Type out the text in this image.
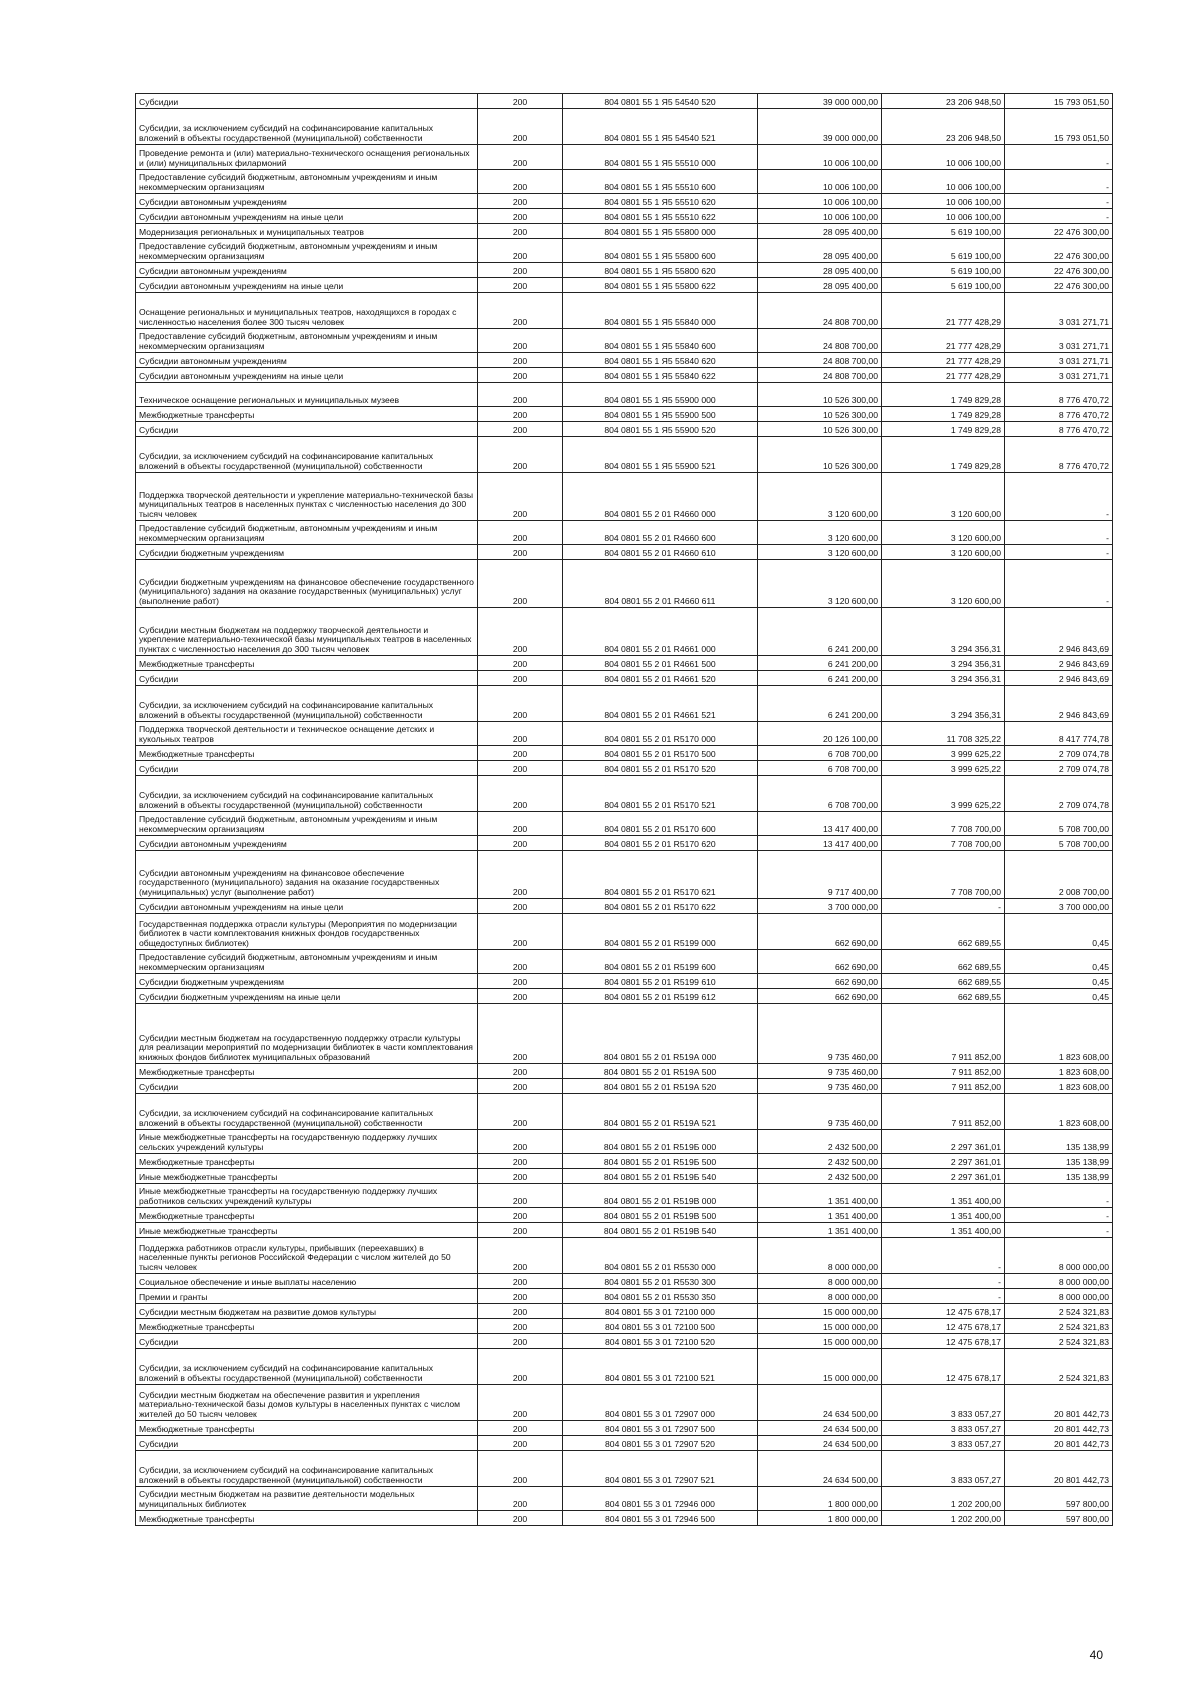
Субсидии	200	804 0801 55 1 Я5 54540 520	39 000 000,00	23 206 948,50	15 793 051,50
Субсидии, за исключением субсидий на софинансирование капитальных вложений в объекты государственной (муниципальной) собственности	200	804 0801 55 1 Я5 54540 521	39 000 000,00	23 206 948,50	15 793 051,50
Проведение ремонта и (или) материально-технического оснащения региональных и (или) муниципальных филармоний	200	804 0801 55 1 Я5 55510 000	10 006 100,00	10 006 100,00	-
Предоставление субсидий бюджетным, автономным учреждениям и иным некоммерческим организациям	200	804 0801 55 1 Я5 55510 600	10 006 100,00	10 006 100,00	-
Субсидии автономным учреждениям	200	804 0801 55 1 Я5 55510 620	10 006 100,00	10 006 100,00	-
Субсидии автономным учреждениям на иные цели	200	804 0801 55 1 Я5 55510 622	10 006 100,00	10 006 100,00	-
Модернизация региональных и муниципальных театров	200	804 0801 55 1 Я5 55800 000	28 095 400,00	5 619 100,00	22 476 300,00
Предоставление субсидий бюджетным, автономным учреждениям и иным некоммерческим организациям	200	804 0801 55 1 Я5 55800 600	28 095 400,00	5 619 100,00	22 476 300,00
Субсидии автономным учреждениям	200	804 0801 55 1 Я5 55800 620	28 095 400,00	5 619 100,00	22 476 300,00
Субсидии автономным учреждениям на иные цели	200	804 0801 55 1 Я5 55800 622	28 095 400,00	5 619 100,00	22 476 300,00
Оснащение региональных и муниципальных театров, находящихся в городах с численностью населения более 300 тысяч человек	200	804 0801 55 1 Я5 55840 000	24 808 700,00	21 777 428,29	3 031 271,71
Предоставление субсидий бюджетным, автономным учреждениям и иным некоммерческим организациям	200	804 0801 55 1 Я5 55840 600	24 808 700,00	21 777 428,29	3 031 271,71
Субсидии автономным учреждениям	200	804 0801 55 1 Я5 55840 620	24 808 700,00	21 777 428,29	3 031 271,71
Субсидии автономным учреждениям на иные цели	200	804 0801 55 1 Я5 55840 622	24 808 700,00	21 777 428,29	3 031 271,71
Техническое оснащение региональных и муниципальных музеев	200	804 0801 55 1 Я5 55900 000	10 526 300,00	1 749 829,28	8 776 470,72
Межбюджетные трансферты	200	804 0801 55 1 Я5 55900 500	10 526 300,00	1 749 829,28	8 776 470,72
Субсидии	200	804 0801 55 1 Я5 55900 520	10 526 300,00	1 749 829,28	8 776 470,72
Субсидии, за исключением субсидий на софинансирование капитальных вложений в объекты государственной (муниципальной) собственности	200	804 0801 55 1 Я5 55900 521	10 526 300,00	1 749 829,28	8 776 470,72
Поддержка творческой деятельности и укрепление материально-технической базы муниципальных театров в населенных пунктах с численностью населения до 300 тысяч человек	200	804 0801 55 2 01 R4660 000	3 120 600,00	3 120 600,00	-
Предоставление субсидий бюджетным, автономным учреждениям и иным некоммерческим организациям	200	804 0801 55 2 01 R4660 600	3 120 600,00	3 120 600,00	-
Субсидии бюджетным учреждениям	200	804 0801 55 2 01 R4660 610	3 120 600,00	3 120 600,00	-
Субсидии бюджетным учреждениям на финансовое обеспечение государственного (муниципального) задания на оказание государственных (муниципальных) услуг (выполнение работ)	200	804 0801 55 2 01 R4660 611	3 120 600,00	3 120 600,00	-
Субсидии местным бюджетам на поддержку творческой деятельности и укрепление материально-технической базы муниципальных театров в населенных пунктах с численностью населения до 300 тысяч человек	200	804 0801 55 2 01 R4661 000	6 241 200,00	3 294 356,31	2 946 843,69
Межбюджетные трансферты	200	804 0801 55 2 01 R4661 500	6 241 200,00	3 294 356,31	2 946 843,69
Субсидии	200	804 0801 55 2 01 R4661 520	6 241 200,00	3 294 356,31	2 946 843,69
Субсидии, за исключением субсидий на софинансирование капитальных вложений в объекты государственной (муниципальной) собственности	200	804 0801 55 2 01 R4661 521	6 241 200,00	3 294 356,31	2 946 843,69
Поддержка творческой деятельности и техническое оснащение детских и кукольных театров	200	804 0801 55 2 01 R5170 000	20 126 100,00	11 708 325,22	8 417 774,78
Межбюджетные трансферты	200	804 0801 55 2 01 R5170 500	6 708 700,00	3 999 625,22	2 709 074,78
Субсидии	200	804 0801 55 2 01 R5170 520	6 708 700,00	3 999 625,22	2 709 074,78
Субсидии, за исключением субсидий на софинансирование капитальных вложений в объекты государственной (муниципальной) собственности	200	804 0801 55 2 01 R5170 521	6 708 700,00	3 999 625,22	2 709 074,78
Предоставление субсидий бюджетным, автономным учреждениям и иным некоммерческим организациям	200	804 0801 55 2 01 R5170 600	13 417 400,00	7 708 700,00	5 708 700,00
Субсидии автономным учреждениям	200	804 0801 55 2 01 R5170 620	13 417 400,00	7 708 700,00	5 708 700,00
Субсидии автономным учреждениям на финансовое обеспечение государственного (муниципального) задания на оказание государственных (муниципальных) услуг (выполнение работ)	200	804 0801 55 2 01 R5170 621	9 717 400,00	7 708 700,00	2 008 700,00
Субсидии автономным учреждениям на иные цели	200	804 0801 55 2 01 R5170 622	3 700 000,00	-	3 700 000,00
Государственная поддержка отрасли культуры (Мероприятия по модернизации библиотек в части комплектования книжных фондов государственных общедоступных библиотек)	200	804 0801 55 2 01 R5199 000	662 690,00	662 689,55	0,45
Предоставление субсидий бюджетным, автономным учреждениям и иным некоммерческим организациям	200	804 0801 55 2 01 R5199 600	662 690,00	662 689,55	0,45
Субсидии бюджетным учреждениям	200	804 0801 55 2 01 R5199 610	662 690,00	662 689,55	0,45
Субсидии бюджетным учреждениям на иные цели	200	804 0801 55 2 01 R5199 612	662 690,00	662 689,55	0,45
Субсидии местным бюджетам на государственную поддержку отрасли культуры для реализации мероприятий по модернизации библиотек в части комплектования книжных фондов библиотек муниципальных образований	200	804 0801 55 2 01 R519А 000	9 735 460,00	7 911 852,00	1 823 608,00
Межбюджетные трансферты	200	804 0801 55 2 01 R519А 500	9 735 460,00	7 911 852,00	1 823 608,00
Субсидии	200	804 0801 55 2 01 R519А 520	9 735 460,00	7 911 852,00	1 823 608,00
Субсидии, за исключением субсидий на софинансирование капитальных вложений в объекты государственной (муниципальной) собственности	200	804 0801 55 2 01 R519А 521	9 735 460,00	7 911 852,00	1 823 608,00
Иные межбюджетные трансферты на государственную поддержку лучших сельских учреждений культуры	200	804 0801 55 2 01 R519Б 000	2 432 500,00	2 297 361,01	135 138,99
Межбюджетные трансферты	200	804 0801 55 2 01 R519Б 500	2 432 500,00	2 297 361,01	135 138,99
Иные межбюджетные трансферты	200	804 0801 55 2 01 R519Б 540	2 432 500,00	2 297 361,01	135 138,99
Иные межбюджетные трансферты на государственную поддержку лучших работников сельских учреждений культуры	200	804 0801 55 2 01 R519В 000	1 351 400,00	1 351 400,00	-
Межбюджетные трансферты	200	804 0801 55 2 01 R519В 500	1 351 400,00	1 351 400,00	-
Иные межбюджетные трансферты	200	804 0801 55 2 01 R519В 540	1 351 400,00	1 351 400,00	-
Поддержка работников отрасли культуры, прибывших (переехавших) в населенные пункты регионов Российской Федерации с числом жителей до 50 тысяч человек	200	804 0801 55 2 01 R5530 000	8 000 000,00	-	8 000 000,00
Социальное обеспечение и иные выплаты населению	200	804 0801 55 2 01 R5530 300	8 000 000,00	-	8 000 000,00
Премии и гранты	200	804 0801 55 2 01 R5530 350	8 000 000,00	-	8 000 000,00
Субсидии местным бюджетам на развитие домов культуры	200	804 0801 55 3 01 72100 000	15 000 000,00	12 475 678,17	2 524 321,83
Межбюджетные трансферты	200	804 0801 55 3 01 72100 500	15 000 000,00	12 475 678,17	2 524 321,83
Субсидии	200	804 0801 55 3 01 72100 520	15 000 000,00	12 475 678,17	2 524 321,83
Субсидии, за исключением субсидий на софинансирование капитальных вложений в объекты государственной (муниципальной) собственности	200	804 0801 55 3 01 72100 521	15 000 000,00	12 475 678,17	2 524 321,83
Субсидии местным бюджетам на обеспечение развития и укрепления материально-технической базы домов культуры в населенных пунктах с числом жителей до 50 тысяч человек	200	804 0801 55 3 01 72907 000	24 634 500,00	3 833 057,27	20 801 442,73
Межбюджетные трансферты	200	804 0801 55 3 01 72907 500	24 634 500,00	3 833 057,27	20 801 442,73
Субсидии	200	804 0801 55 3 01 72907 520	24 634 500,00	3 833 057,27	20 801 442,73
Субсидии, за исключением субсидий на софинансирование капитальных вложений в объекты государственной (муниципальной) собственности	200	804 0801 55 3 01 72907 521	24 634 500,00	3 833 057,27	20 801 442,73
Субсидии местным бюджетам на развитие деятельности модельных муниципальных библиотек	200	804 0801 55 3 01 72946 000	1 800 000,00	1 202 200,00	597 800,00
Межбюджетные трансферты	200	804 0801 55 3 01 72946 500	1 800 000,00	1 202 200,00	597 800,00
40
